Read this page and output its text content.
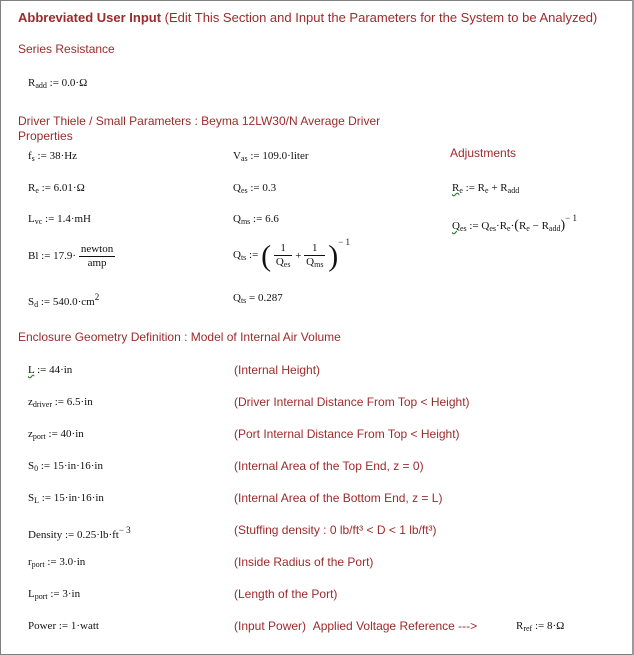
Abbreviated User Input (Edit This Section and Input the Parameters for the System to be Analyzed)
Series Resistance
$R_{add}$ := 0.0·Ω
Driver Thiele / Small Parameters : Beyma 12LW30/N Average Driver
Properties
Adjustments
$f_s$ := 38·Hz
$R_e$ := 6.01·Ω
$L_{vc}$ := 1.4·mH
Bl := $17.9\cdot \frac{\text{newton}}{\text{amp}}$
$S_d$ := $540.0\cdot cm^2$
$V_{as}$ := 109.0·liter
$Q_{es}$ := 0.3
$Q_{ms}$ := 6.6
$Q_{ts}$ := ( $\frac{1}{Q_{es}} + \frac{1}{Q_{ms}} )^{- 1}$
$Q_{ts} = 0.287$
$R_e$ := $R_e + R_{add}$
$Q_{es}$ := $Q_{es}\cdot R_e\cdot(R_e - R_{add})^{- 1}$
Enclosure Geometry Definition : Model of Internal Air Volume
L := 44·in	(Internal Height)
$z_{driver}$ := 6.5·in	(Driver Internal Distance From Top < Height)
$z_{port}$ := 40·in	(Port Internal Distance From Top < Height)
$S_0$ := 15·in·16·in	(Internal Area of the Top End, z = 0)
$S_L$ := 15·in·16·in	(Internal Area of the Bottom End, z = L)
Density := $0.25\cdot lb\cdot ft^{- 3}$	(Stuffing density : 0 lb/ft³ < D < 1 lb/ft³)
$r_{port}$ := 3.0·in	(Inside Radius of the Port)
$L_{port}$ := 3·in	(Length of the Port)
Power := 1·watt	(Input Power) Applied Voltage Reference --->	$R_{ref}$ := 8·Ω
